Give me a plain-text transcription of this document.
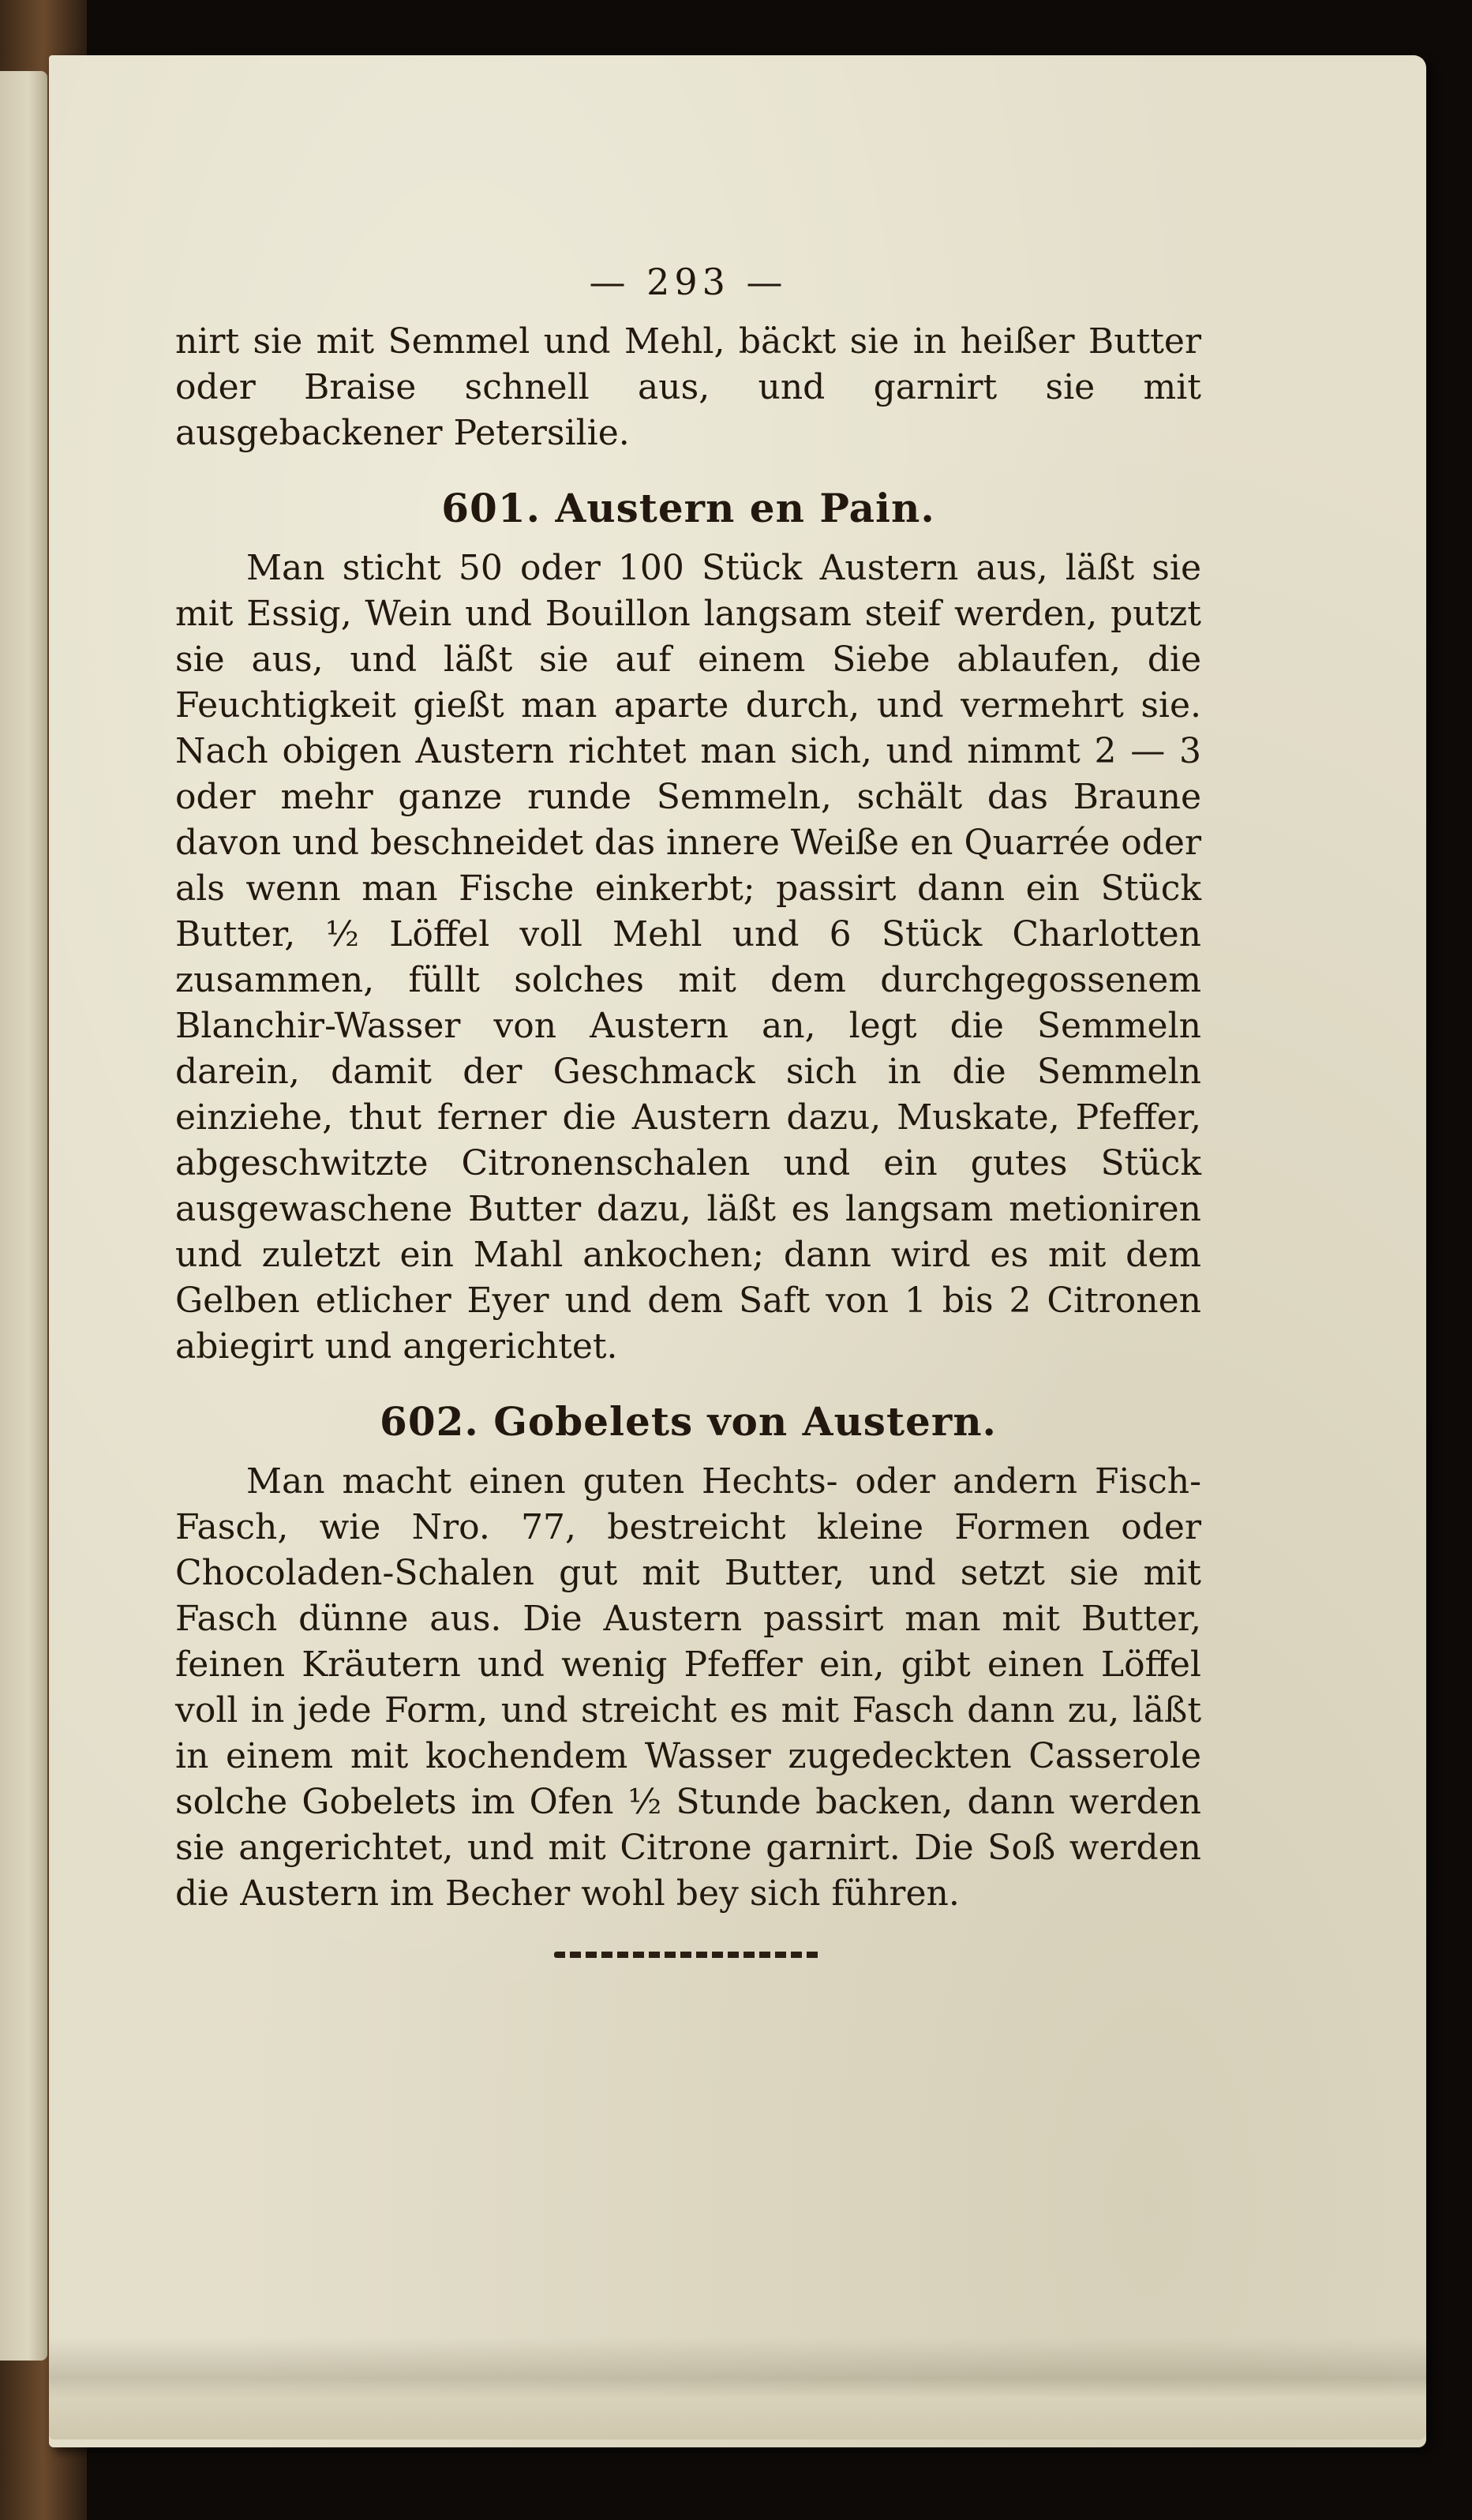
— 293 —

nirt sie mit Semmel und Mehl, bäckt sie in heißer Butter oder Braise schnell aus, und garnirt sie mit ausgebackener Petersilie.

601. Austern en Pain.

Man sticht 50 oder 100 Stück Austern aus, läßt sie mit Essig, Wein und Bouillon langsam steif werden, putzt sie aus, und läßt sie auf einem Siebe ablaufen, die Feuchtigkeit gießt man aparte durch, und vermehrt sie. Nach obigen Austern richtet man sich, und nimmt 2 — 3 oder mehr ganze runde Semmeln, schält das Braune davon und beschneidet das innere Weiße en Quarrée oder als wenn man Fische einkerbt; passirt dann ein Stück Butter, ½ Löffel voll Mehl und 6 Stück Charlotten zusammen, füllt solches mit dem durchgegossenem Blanchir-Wasser von Austern an, legt die Semmeln darein, damit der Geschmack sich in die Semmeln einziehe, thut ferner die Austern dazu, Muskate, Pfeffer, abgeschwitzte Citronenschalen und ein gutes Stück ausgewaschene Butter dazu, läßt es langsam metioniren und zuletzt ein Mahl ankochen; dann wird es mit dem Gelben etlicher Eyer und dem Saft von 1 bis 2 Citronen abiegirt und angerichtet.

602. Gobelets von Austern.

Man macht einen guten Hechts- oder andern Fisch-Fasch, wie Nro. 77, bestreicht kleine Formen oder Chocoladen-Schalen gut mit Butter, und setzt sie mit Fasch dünne aus. Die Austern passirt man mit Butter, feinen Kräutern und wenig Pfeffer ein, gibt einen Löffel voll in jede Form, und streicht es mit Fasch dann zu, läßt in einem mit kochendem Wasser zugedeckten Casserole solche Gobelets im Ofen ½ Stunde backen, dann werden sie angerichtet, und mit Citrone garnirt. Die Soß werden die Austern im Becher wohl bey sich führen.
